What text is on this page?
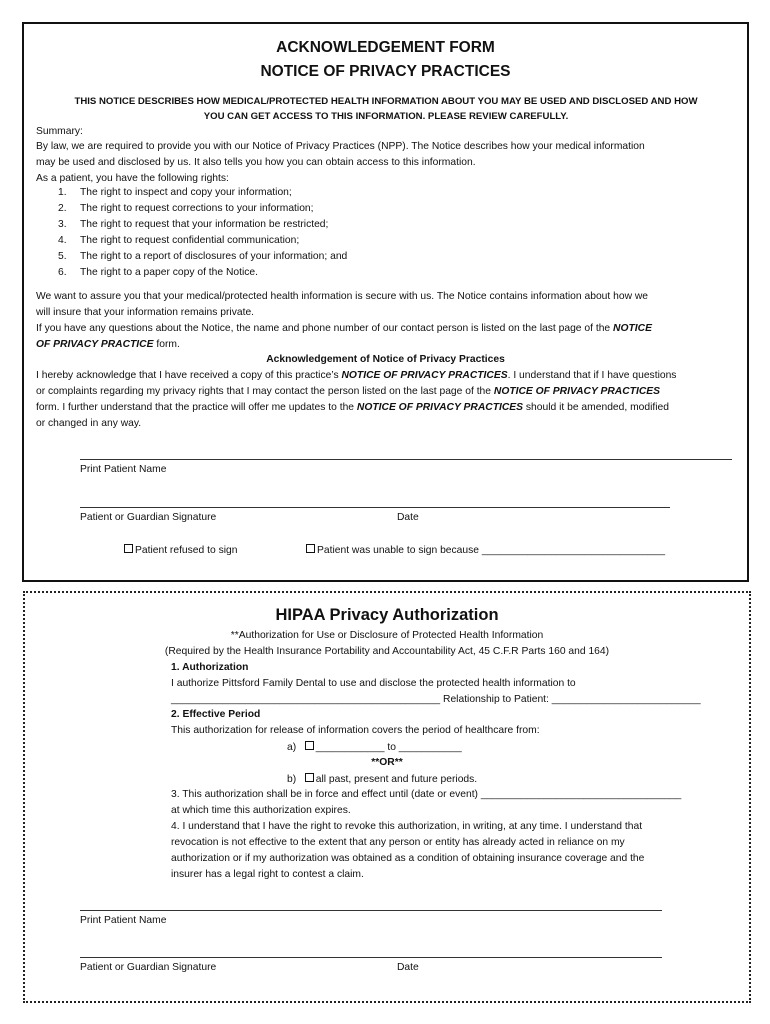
ACKNOWLEDGEMENT FORM
NOTICE OF PRIVACY PRACTICES
THIS NOTICE DESCRIBES HOW MEDICAL/PROTECTED HEALTH INFORMATION ABOUT YOU MAY BE USED AND DISCLOSED AND HOW
YOU CAN GET ACCESS TO THIS INFORMATION. PLEASE REVIEW CAREFULLY.
Summary:
By law, we are required to provide you with our Notice of Privacy Practices (NPP). The Notice describes how your medical information
may be used and disclosed by us. It also tells you how you can obtain access to this information.
As a patient, you have the following rights:
1. The right to inspect and copy your information;
2. The right to request corrections to your information;
3. The right to request that your information be restricted;
4. The right to request confidential communication;
5. The right to a report of disclosures of your information; and
6. The right to a paper copy of the Notice.
We want to assure you that your medical/protected health information is secure with us. The Notice contains information about how we
will insure that your information remains private.
If you have any questions about the Notice, the name and phone number of our contact person is listed on the last page of the NOTICE
OF PRIVACY PRACTICE form.
Acknowledgement of Notice of Privacy Practices
I hereby acknowledge that I have received a copy of this practice’s NOTICE OF PRIVACY PRACTICES. I understand that if I have questions
or complaints regarding my privacy rights that I may contact the person listed on the last page of the NOTICE OF PRIVACY PRACTICES
form. I further understand that the practice will offer me updates to the NOTICE OF PRIVACY PRACTICES should it be amended, modified
or changed in any way.
Print Patient Name
Patient or Guardian Signature	Date
Patient refused to sign	Patient was unable to sign because ________________________________
HIPAA Privacy Authorization
**Authorization for Use or Disclosure of Protected Health Information
(Required by the Health Insurance Portability and Accountability Act, 45 C.F.R Parts 160 and 164)
1. Authorization
I authorize Pittsford Family Dental to use and disclose the protected health information to
_______________________________________________ Relationship to Patient: __________________________
2. Effective Period
This authorization for release of information covers the period of healthcare from:
a) ____________ to ___________
**OR**
b) all past, present and future periods.
3. This authorization shall be in force and effect until (date or event) ___________________________________
at which time this authorization expires.
4. I understand that I have the right to revoke this authorization, in writing, at any time. I understand that
revocation is not effective to the extent that any person or entity has already acted in reliance on my
authorization or if my authorization was obtained as a condition of obtaining insurance coverage and the
insurer has a legal right to contest a claim.
Print Patient Name
Patient or Guardian Signature	Date
